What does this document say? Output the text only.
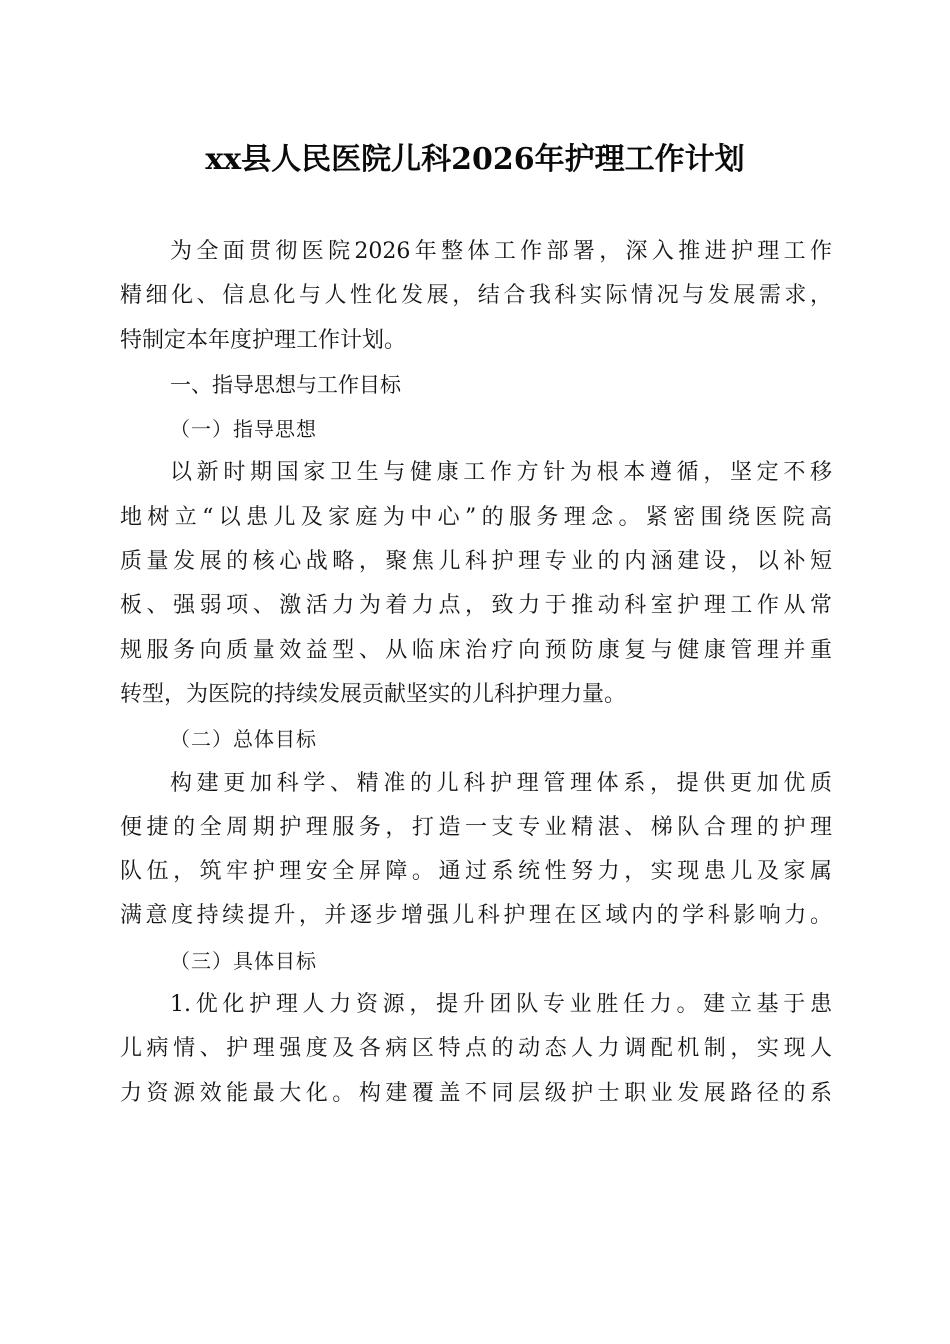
xx县人民医院儿科2026年护理工作计划
为全面贯彻医院2026年整体工作部署，深入推进护理工作
精细化、信息化与人性化发展，结合我科实际情况与发展需求，
特制定本年度护理工作计划。
一、指导思想与工作目标
（一）指导思想
以新时期国家卫生与健康工作方针为根本遵循，坚定不移
地树立“以患儿及家庭为中心”的服务理念。紧密围绕医院高
质量发展的核心战略，聚焦儿科护理专业的内涵建设，以补短
板、强弱项、激活力为着力点，致力于推动科室护理工作从常
规服务向质量效益型、从临床治疗向预防康复与健康管理并重
转型，为医院的持续发展贡献坚实的儿科护理力量。
（二）总体目标
构建更加科学、精准的儿科护理管理体系，提供更加优质
便捷的全周期护理服务，打造一支专业精湛、梯队合理的护理
队伍，筑牢护理安全屏障。通过系统性努力，实现患儿及家属
满意度持续提升，并逐步增强儿科护理在区域内的学科影响力。
（三）具体目标
1.优化护理人力资源，提升团队专业胜任力。建立基于患
儿病情、护理强度及各病区特点的动态人力调配机制，实现人
力资源效能最大化。构建覆盖不同层级护士职业发展路径的系
